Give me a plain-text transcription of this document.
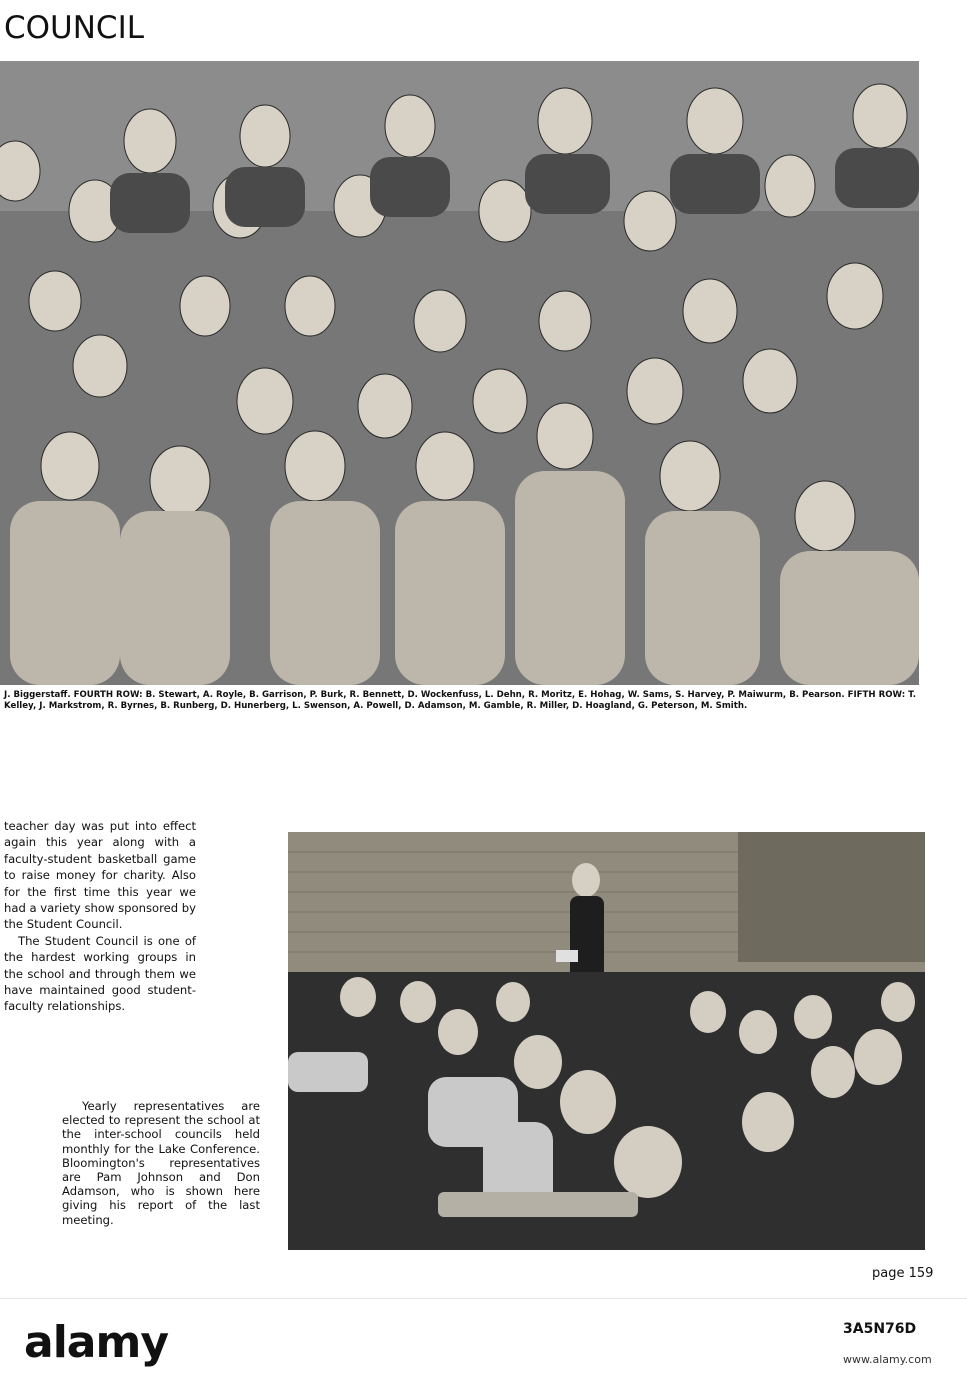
COUNCIL

J. Biggerstaff. FOURTH ROW: B. Stewart, A. Royle, B. Garrison, P. Burk, R. Bennett, D. Wockenfuss, L. Dehn, R. Moritz, E. Hohag, W. Sams, S. Harvey, P. Maiwurm, B. Pearson. FIFTH ROW: T. Kelley, J. Markstrom, R. Byrnes, B. Runberg, D. Hunerberg, L. Swenson, A. Powell, D. Adamson, M. Gamble, R. Miller, D. Hoagland, G. Peterson, M. Smith.

teacher day was put into effect again this year along with a faculty-student basketball game to raise money for charity. Also for the first time this year we had a variety show sponsored by the Student Council.

The Student Council is one of the hardest working groups in the school and through them we have maintained good student-faculty relationships.

Yearly representatives are elected to represent the school at the inter-school councils held monthly for the Lake Conference. Bloomington's representatives are Pam Johnson and Don Adamson, who is shown here giving his report of the last meeting.

page 159

alamy	3A5N76D

www.alamy.com
